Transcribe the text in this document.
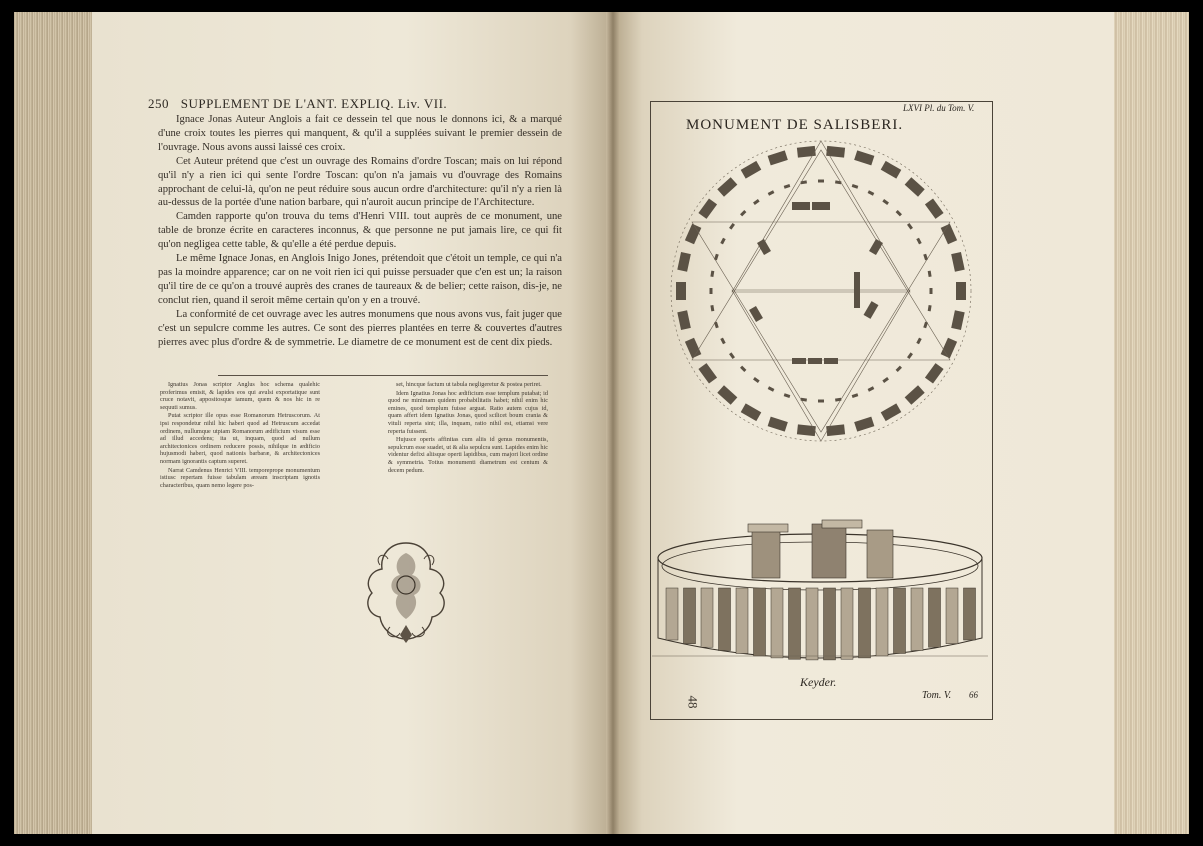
250 SUPPLEMENT DE L'ANT. EXPLIQ. Liv. VII.

Ignace Jonas Auteur Anglois a fait ce dessein tel que nous le donnons ici, & a marqué d'une croix toutes les pierres qui manquent, & qu'il a supplées suivant le premier dessein de l'ouvrage. Nous avons aussi laissé ces croix.

Cet Auteur prétend que c'est un ouvrage des Romains d'ordre Toscan; mais on lui répond qu'il n'y a rien ici qui sente l'ordre Toscan: qu'on n'a jamais vu d'ouvrage des Romains approchant de celui-là, qu'on ne peut réduire sous aucun ordre d'architecture: qu'il n'y a rien là au-dessus de la portée d'une nation barbare, qui n'auroit aucun principe de l'Architecture.

Camden rapporte qu'on trouva du tems d'Henri VIII. tout auprès de ce monument, une table de bronze écrite en caracteres inconnus, & que personne ne put jamais lire, ce qui fit qu'on negligea cette table, & qu'elle a été perdue depuis.

Le même Ignace Jonas, en Anglois Inigo Jones, prétendoit que c'étoit un temple, ce qui n'a pas la moindre apparence; car on ne voit rien ici qui puisse persuader que c'en est un; la raison qu'il tire de ce qu'on a trouvé auprès des cranes de taureaux & de belier; cette raison, dis-je, ne conclut rien, quand il seroit même certain qu'on y en a trouvé.

La conformité de cet ouvrage avec les autres monumens que nous avons vus, fait juger que c'est un sepulcre comme les autres. Ce sont des pierres plantées en terre & couvertes d'autres pierres avec plus d'ordre & de symmetrie. Le diametre de ce monument est de cent dix pieds.

Ignatius Jonas scriptor Anglus hoc schema qualehic proferimus emisit, & lapides eos qui avulsi exportatique sunt cruce notavit, appositosque iamum, quem & nos hic in re sequuti sumus.

Putat scriptor ille opus esse Romanorum Hetruscorum. At ipsi respondetur nihil hic haberi quod ad Hetruscum accedat ordinem, nullumque utpiam Romanorum ædificium visum esse ad illud accedens; ita ut, inquam, quod ad nullum architectonices ordinem reducere possis, nihilque in ædificio hujusmodi haberi, quod nationis barbaræ, & architectonices normam ignorantis captum superet.

Narrat Camdenus Henrici VIII. temporeprope monumentum istiusc repertam fuisse tabulam æream inscriptam ignotis characteribus, quam nemo legere pos-

set, hincque factum ut tabula negligeretur & postea periret.

Idem Ignatius Jonas hoc ædificium esse templum putabat; id quod ne minimam quidem probabilitatis habet; nihil enim hic emines, quod templum fuisse arguat. Ratio autem cujus id, quam affert idem Ignatius Jonas, quod scilicet boum crania & vituli reperta sint; illa, inquam, ratio nihil est, etiamsi vere reperta fuissent.

Hujusce operis affinitas cum aliis id genus monumentis, sepulcrum esse suadet, ut & alia sepulcra sunt. Lapides enim hic videntur defixi aliisque operti lapidibus, cum majori licet ordine & symmetria. Totius monumenti diametrum est centum & decem pedum.

LXVI Pl. du Tom. V.
MONUMENT DE SALISBERI.
Keyder.
Tom. V. 66
48
